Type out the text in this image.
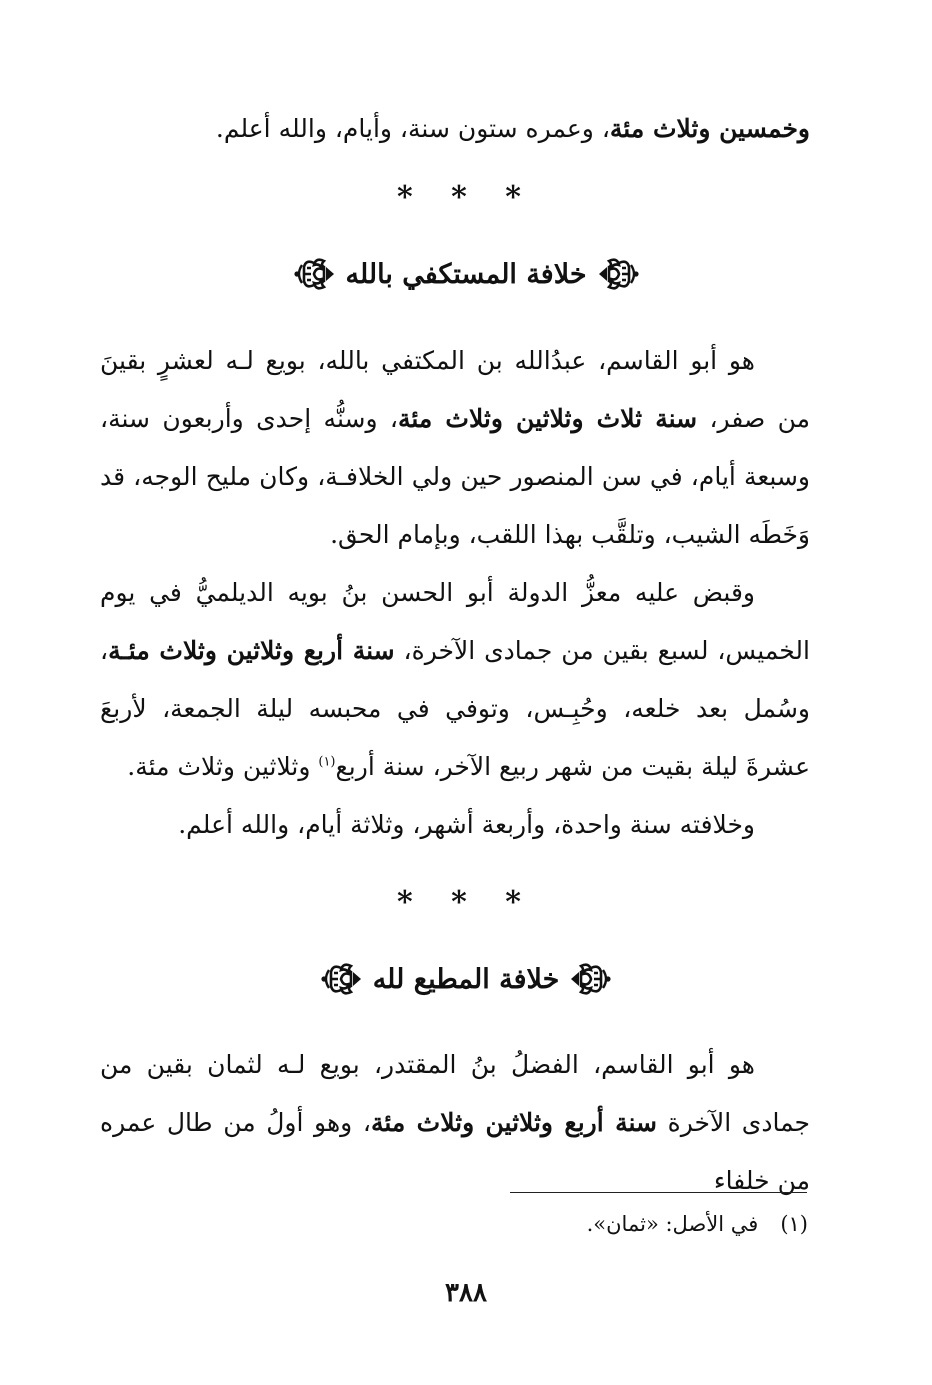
وخمسين وثلاث مئة، وعمره ستون سنة، وأيام، والله أعلم.

* * *
خلافة المستكفي بالله

هو أبو القاسم، عبدُالله بن المكتفي بالله، بويع لـه لعشرٍ بقينَ من صفر، سنة ثلاث وثلاثين وثلاث مئة، وسنُّه إحدى وأربعون سنة، وسبعة أيام، في سن المنصور حين ولي الخلافـة، وكان مليح الوجه، قد وَخَطَه الشيب، وتلقَّب بهذا اللقب، وبإمام الحق.

وقبض عليه معزُّ الدولة أبو الحسن بنُ بويه الديلميُّ في يوم الخميس، لسبع بقين من جمادى الآخرة، سنة أربع وثلاثين وثلاث مئـة، وسُمل بعد خلعه، وحُبِـس، وتوفي في محبسه ليلة الجمعة، لأربعَ عشرةَ ليلة بقيت من شهر ربيع الآخر، سنة أربع$^{(١)}$ وثلاثين وثلاث مئة.

وخلافته سنة واحدة، وأربعة أشهر، وثلاثة أيام، والله أعلم.

* * *
خلافة المطيع لله

هو أبو القاسم، الفضلُ بنُ المقتدر، بويع لـه لثمان بقين من جمادى الآخرة سنة أربع وثلاثين وثلاث مئة، وهو أولُ من طال عمره من خلفاء

(١)في الأصل: «ثمان».
٣٨٨
